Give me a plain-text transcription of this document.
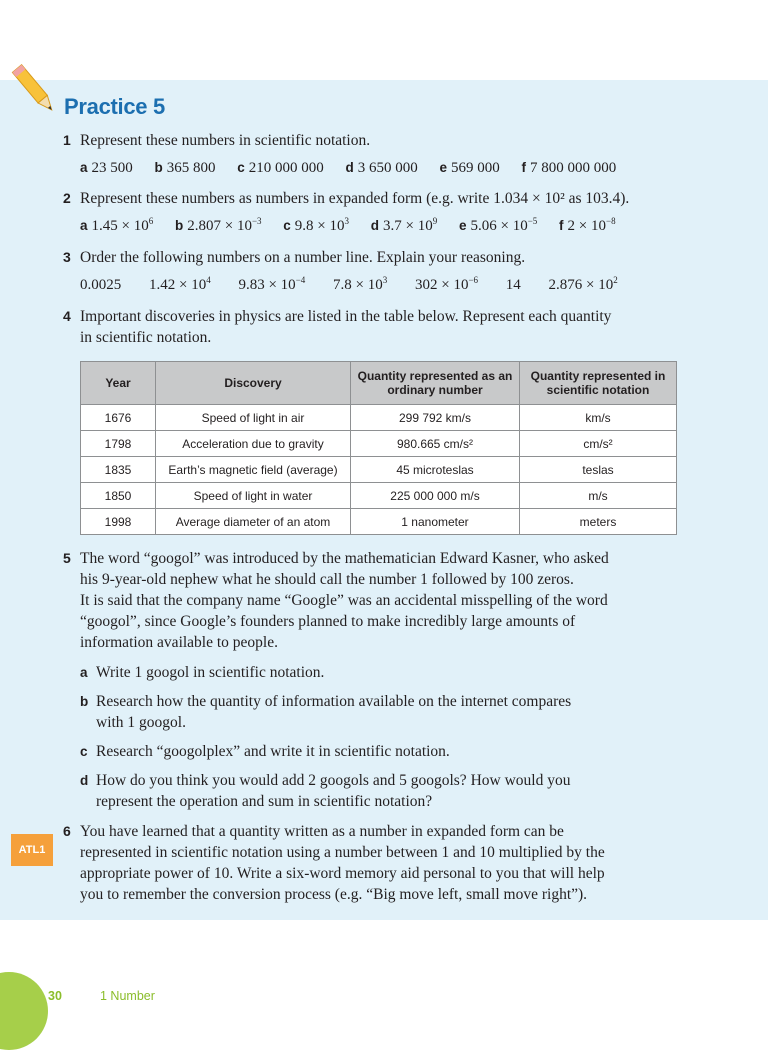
Practice 5
1 Represent these numbers in scientific notation.
a 23 500 b 365 800 c 210 000 000 d 3 650 000 e 569 000 f 7 800 000 000
2 Represent these numbers as numbers in expanded form (e.g. write 1.034 × 10² as 103.4).
a $1.45 \times 10^6$ b $2.807 \times 10^{-3}$ c $9.8 \times 10^3$ d $3.7 \times 10^9$ e $5.06 \times 10^{-5}$ f $2 \times 10^{-8}$
3 Order the following numbers on a number line. Explain your reasoning.
0.0025 $1.42 \times 10^4$ $9.83 \times 10^{-4}$ $7.8 \times 10^3$ $302 \times 10^{-6}$ 14 $2.876 \times 10^2$
4 Important discoveries in physics are listed in the table below. Represent each quantity
in scientific notation.
Year	Discovery	Quantity represented as an ordinary number	Quantity represented in scientific notation
1676	Speed of light in air	299 792 km/s	km/s
1798	Acceleration due to gravity	980.665 cm/s²	cm/s²
1835	Earth’s magnetic field (average)	45 microteslas	teslas
1850	Speed of light in water	225 000 000 m/s	m/s
1998	Average diameter of an atom	1 nanometer	meters
5 The word “googol” was introduced by the mathematician Edward Kasner, who asked
his 9-year-old nephew what he should call the number 1 followed by 100 zeros.
It is said that the company name “Google” was an accidental misspelling of the word
“googol”, since Google’s founders planned to make incredibly large amounts of
information available to people.
a Write 1 googol in scientific notation.
b Research how the quantity of information available on the internet compares
with 1 googol.
c Research “googolplex” and write it in scientific notation.
d How do you think you would add 2 googols and 5 googols? How would you
represent the operation and sum in scientific notation?
ATL1
6 You have learned that a quantity written as a number in expanded form can be
represented in scientific notation using a number between 1 and 10 multiplied by the
appropriate power of 10. Write a six-word memory aid personal to you that will help
you to remember the conversion process (e.g. “Big move left, small move right”).
30	1 Number
